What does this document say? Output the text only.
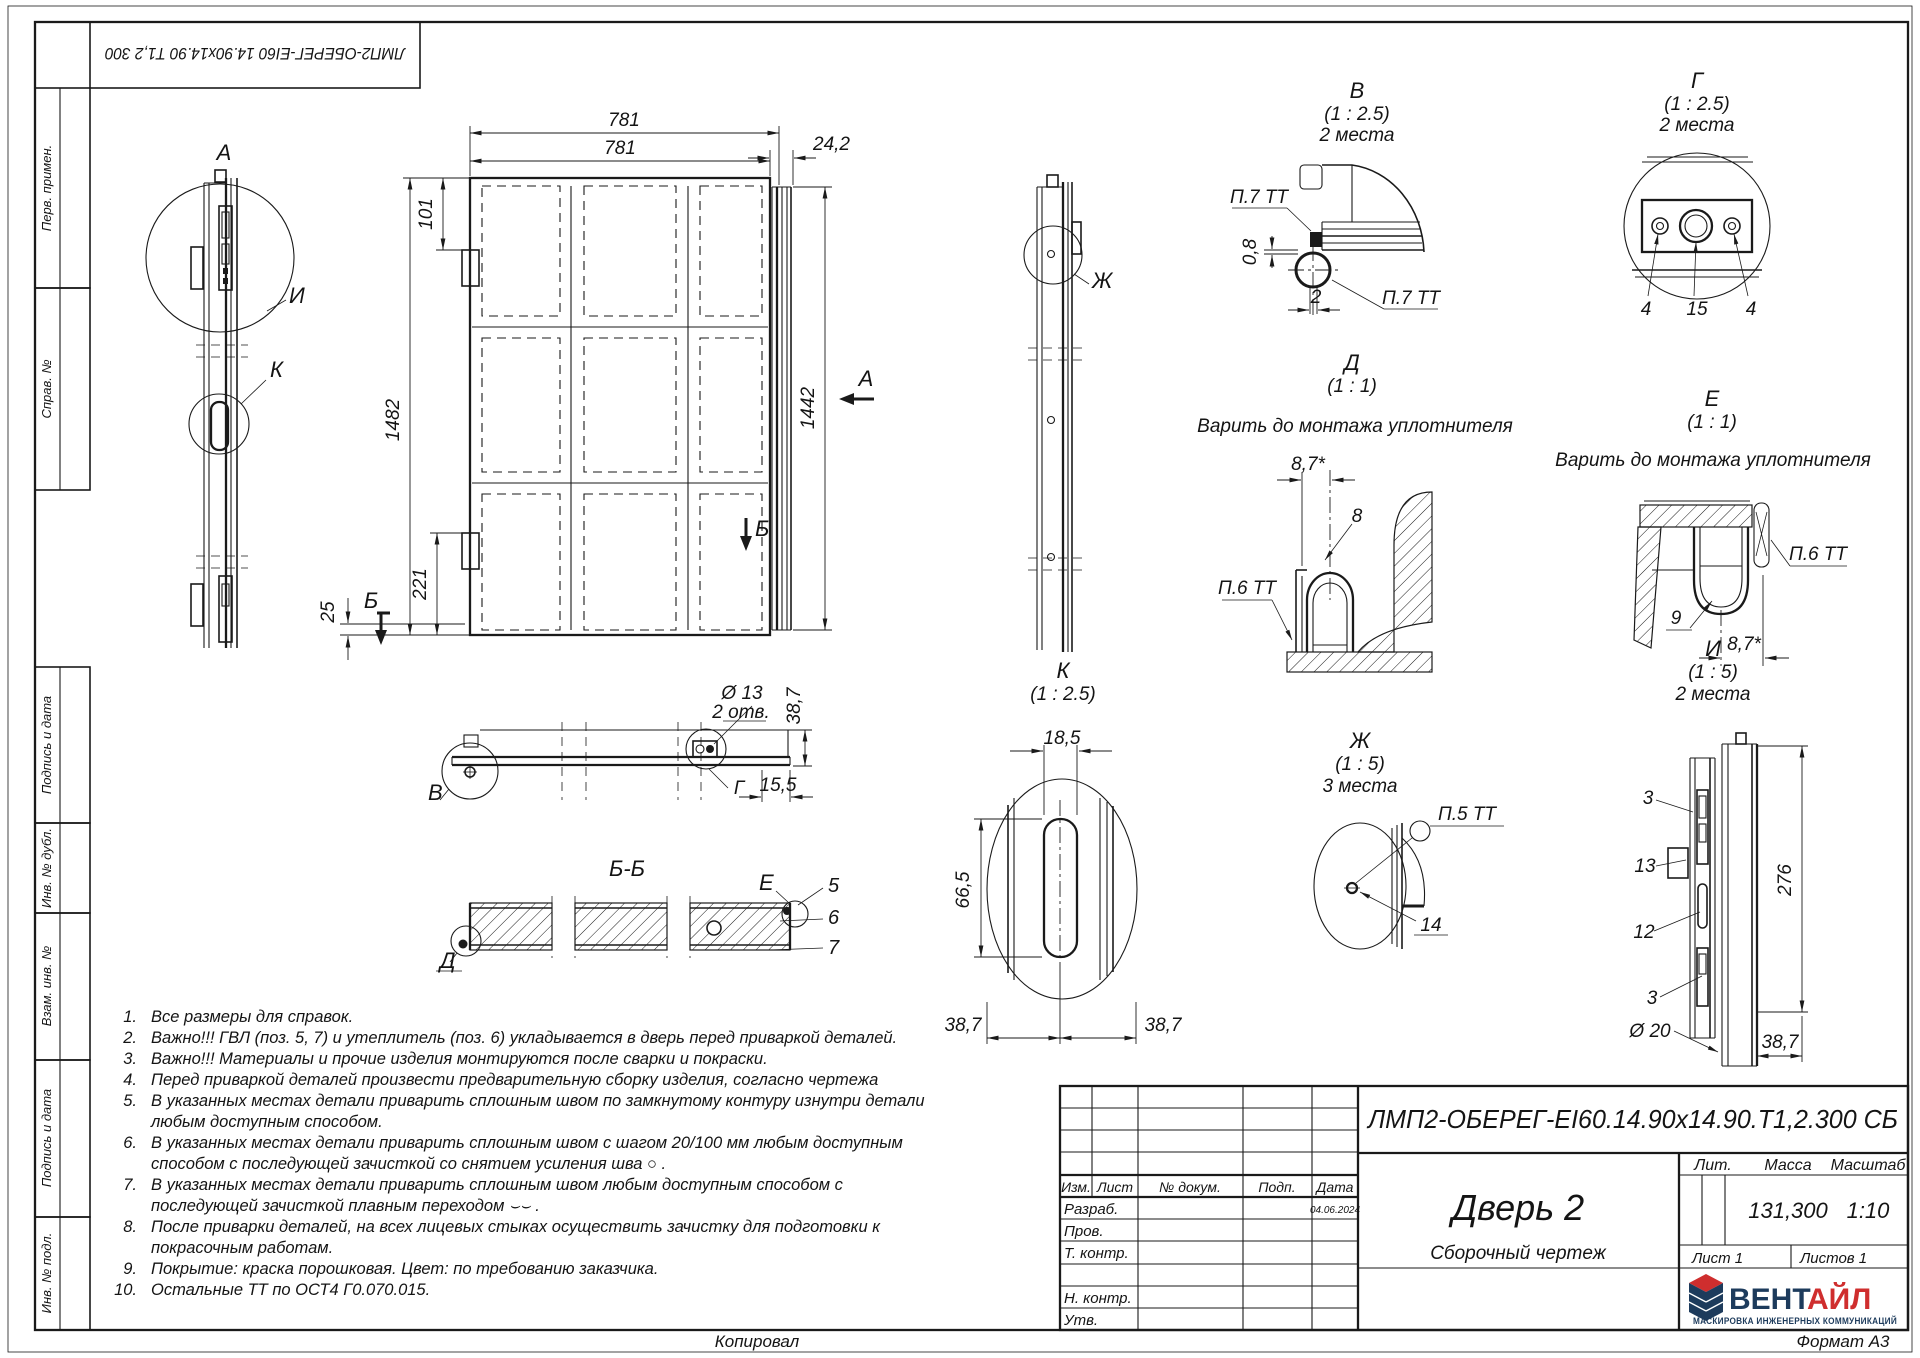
ЛМП2-ОБЕРЕГ-EI60 14.90х14.90 Т1,2 300
Перв. примен.
Справ. №
Подпись и дата
Инв. № дубл.
Взам. инв. №
Подпись и дата
Инв. № подл.
А
И
К
781
781	24,2
101
1482	1442
221
25 Б
Б
А
В
Ø 13
2 отв.
Г
38,7
15,5
Б-Б
Д
Е	5
6
7
Ж
В
(1 : 2.5)
2 места
П.7 ТТ
П.7 ТТ
0,8
2
Г
(1 : 2.5)
2 места
4 15 4
Д
(1 : 1)
Варить до монтажа уплотнителя
8,7*
8
П.6 ТТ
Е
(1 : 1)
Варить до монтажа уплотнителя
П.6 ТТ
9
8,7*
К
(1 : 2.5)
18,5
66,5
38,7	38,7
Ж
(1 : 5)
3 места
П.5 ТТ
14
И
(1 : 5)
2 места
3
13
12
3
Ø 20
276
38,7
Изм. Лист № докум.	Подп. Дата
Разраб.
Пров.
Т. контр.
Н. контр.
Утв.
04.06.2024
ЛМП2-ОБЕРЕГ-EI60.14.90х14.90.Т1,2.300 СБ
Дверь 2
Сборочный чертеж
Лит. Масса Масштаб
131,300 1:10
Лист 1	Листов 1
ВЕНТ
АЙЛ
МАСКИРОВКА ИНЖЕНЕРНЫХ КОММУНИКАЦИЙ
Копировал	Формат А3
1. Все размеры для справок.
2. Важно!!! ГВЛ (поз. 5, 7) и утеплитель (поз. 6) укладывается в дверь перед приваркой деталей.
3. Важно!!! Материалы и прочие изделия монтируются после сварки и покраски.
4. Перед приваркой деталей произвести предварительную сборку изделия, согласно чертежа
5. В указанных местах детали приварить сплошным швом по замкнутому контуру изнутри детали любым доступным способом.
6. В указанных местах детали приварить сплошным швом с шагом 20/100 мм любым доступным способом с последующей зачисткой со снятием усиления шва ○ .
7. В указанных местах детали приварить сплошным швом любым доступным способом с последующей зачисткой плавным переходом ⌣⌣ .
8. После приварки деталей, на всех лицевых стыках осуществить зачистку для подготовки к покрасочным работам.
9. Покрытие: краска порошковая. Цвет: по требованию заказчика.
10. Остальные ТТ по ОСТ4 Г0.070.015.
